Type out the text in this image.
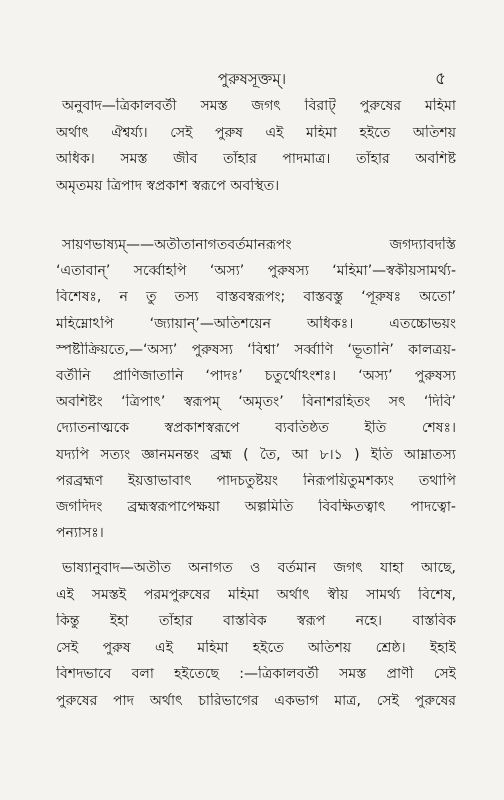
পুরুষসূক্তম্।	৫
অনুবাদ—ত্রিকালবর্তী সমস্ত জগৎ বিরাট্ পুরুষের মহিমা
অর্থাৎ ঐশ্বর্য্য। সেই পুরুষ এই মহিমা হইতে অতিশয়
অধিক। সমস্ত জীব তাঁহার পাদমাত্র। তাঁহার অবশিষ্ট
অমৃতময় ত্রিপাদ স্বপ্রকাশ স্বরূপে অবস্থিত।
সায়ণভাষ্যম্——অতীতানাগতবর্তমানরূপং জগদ্যাবদস্তি
‘এতাবান্’ সর্ব্বোহপি ‘অস্য’ পুরুষস্য ‘মহিমা’—স্বকীয়সামর্থ্য-
বিশেষঃ, ন তু তস্য বাস্তবস্বরূপং; বাস্তবস্তু ‘পূরুষঃ অতো’
মহিম্নোঽপি ‘জ্যায়ান্’—অতিশয়েন অধিকঃ। এতচ্চোভয়ং
স্পষ্টীক্রিয়তে,—‘অস্য’ পুরুষস্য ‘বিশ্বা’ সর্ব্বাণি ‘ভূতানি’ কালত্রয়-
বর্তীনি প্রাণিজাতানি ‘পাদঃ’ চতুর্থোঽংশঃ। ‘অস্য’ পুরুষস্য
অবশিষ্টং ‘ত্রিপাৎ’ স্বরূপম্ ‘অমৃতং’ বিনাশরহিতং সৎ ‘দিবি’
দ্যোতনাত্মকে স্বপ্রকাশস্বরূপে ব্যবতিষ্ঠত ইতি শেষঃ।
যদ্যপি সত্যং জ্ঞানমনন্তং ব্রহ্ম ( তৈ, আ ৮।১ ) ইতি আম্নাতস্য
পরব্রহ্মণ ইয়ত্তাভাবাৎ পাদচতুষ্টয়ং নিরূপয়িতুমশক্যং তথাপি
জগদিদং ব্রহ্মস্বরূপাপেক্ষয়া অল্পমিতি বিবক্ষিতত্বাৎ পাদত্বো-
পন্যাসঃ।
ভাষ্যানুবাদ—অতীত অনাগত ও বর্তমান জগৎ যাহা আছে,
এই সমস্তই পরমপুরুষের মহিমা অর্থাৎ স্বীয় সামর্থ্য বিশেষ,
কিন্তু ইহা তাঁহার বাস্তবিক স্বরূপ নহে। বাস্তবিক
সেই পুরুষ এই মহিমা হইতে অতিশয় শ্রেষ্ঠ। ইহাই
বিশদভাবে বলা হইতেছে :—ত্রিকালবর্তী সমস্ত প্রাণী সেই
পুরুষের পাদ অর্থাৎ চারিভাগের একভাগ মাত্র, সেই পুরুষের
